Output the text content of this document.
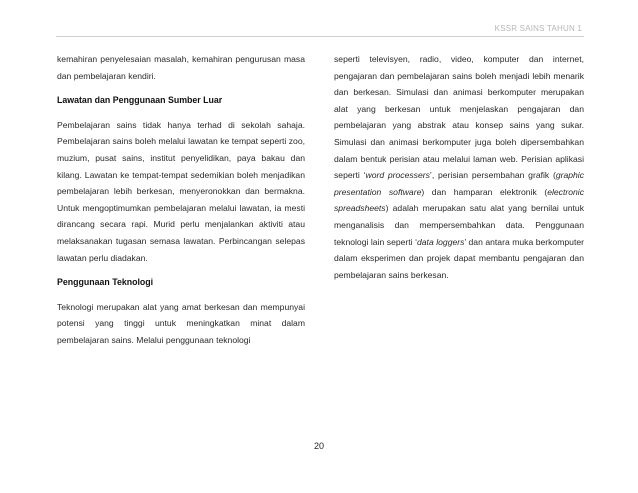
KSSR SAINS TAHUN 1

kemahiran penyelesaian masalah, kemahiran pengurusan masa dan pembelajaran kendiri.

Lawatan dan Penggunaan Sumber Luar

Pembelajaran sains tidak hanya terhad di sekolah sahaja. Pembelajaran sains boleh melalui lawatan ke tempat seperti zoo, muzium, pusat sains, institut penyelidikan, paya bakau dan kilang. Lawatan ke tempat-tempat sedemikian boleh menjadikan pembelajaran lebih berkesan, menyeronokkan dan bermakna. Untuk mengoptimumkan pembelajaran melalui lawatan, ia mesti dirancang secara rapi. Murid perlu menjalankan aktiviti atau melaksanakan tugasan semasa lawatan. Perbincangan selepas lawatan perlu diadakan.

Penggunaan Teknologi

Teknologi merupakan alat yang amat berkesan dan mempunyai potensi yang tinggi untuk meningkatkan minat dalam pembelajaran sains. Melalui penggunaan teknologi

seperti televisyen, radio, video, komputer dan internet, pengajaran dan pembelajaran sains boleh menjadi lebih menarik dan berkesan. Simulasi dan animasi berkomputer merupakan alat yang berkesan untuk menjelaskan pengajaran dan pembelajaran yang abstrak atau konsep sains yang sukar. Simulasi dan animasi berkomputer juga boleh dipersembahkan dalam bentuk perisian atau melalui laman web. Perisian aplikasi seperti ‘word processers’, perisian persembahan grafik (graphic presentation software) dan hamparan elektronik (electronic spreadsheets) adalah merupakan satu alat yang bernilai untuk menganalisis dan mempersembahkan data. Penggunaan teknologi lain seperti ‘data loggers’ dan antara muka berkomputer dalam eksperimen dan projek dapat membantu pengajaran dan pembelajaran sains berkesan.

20
